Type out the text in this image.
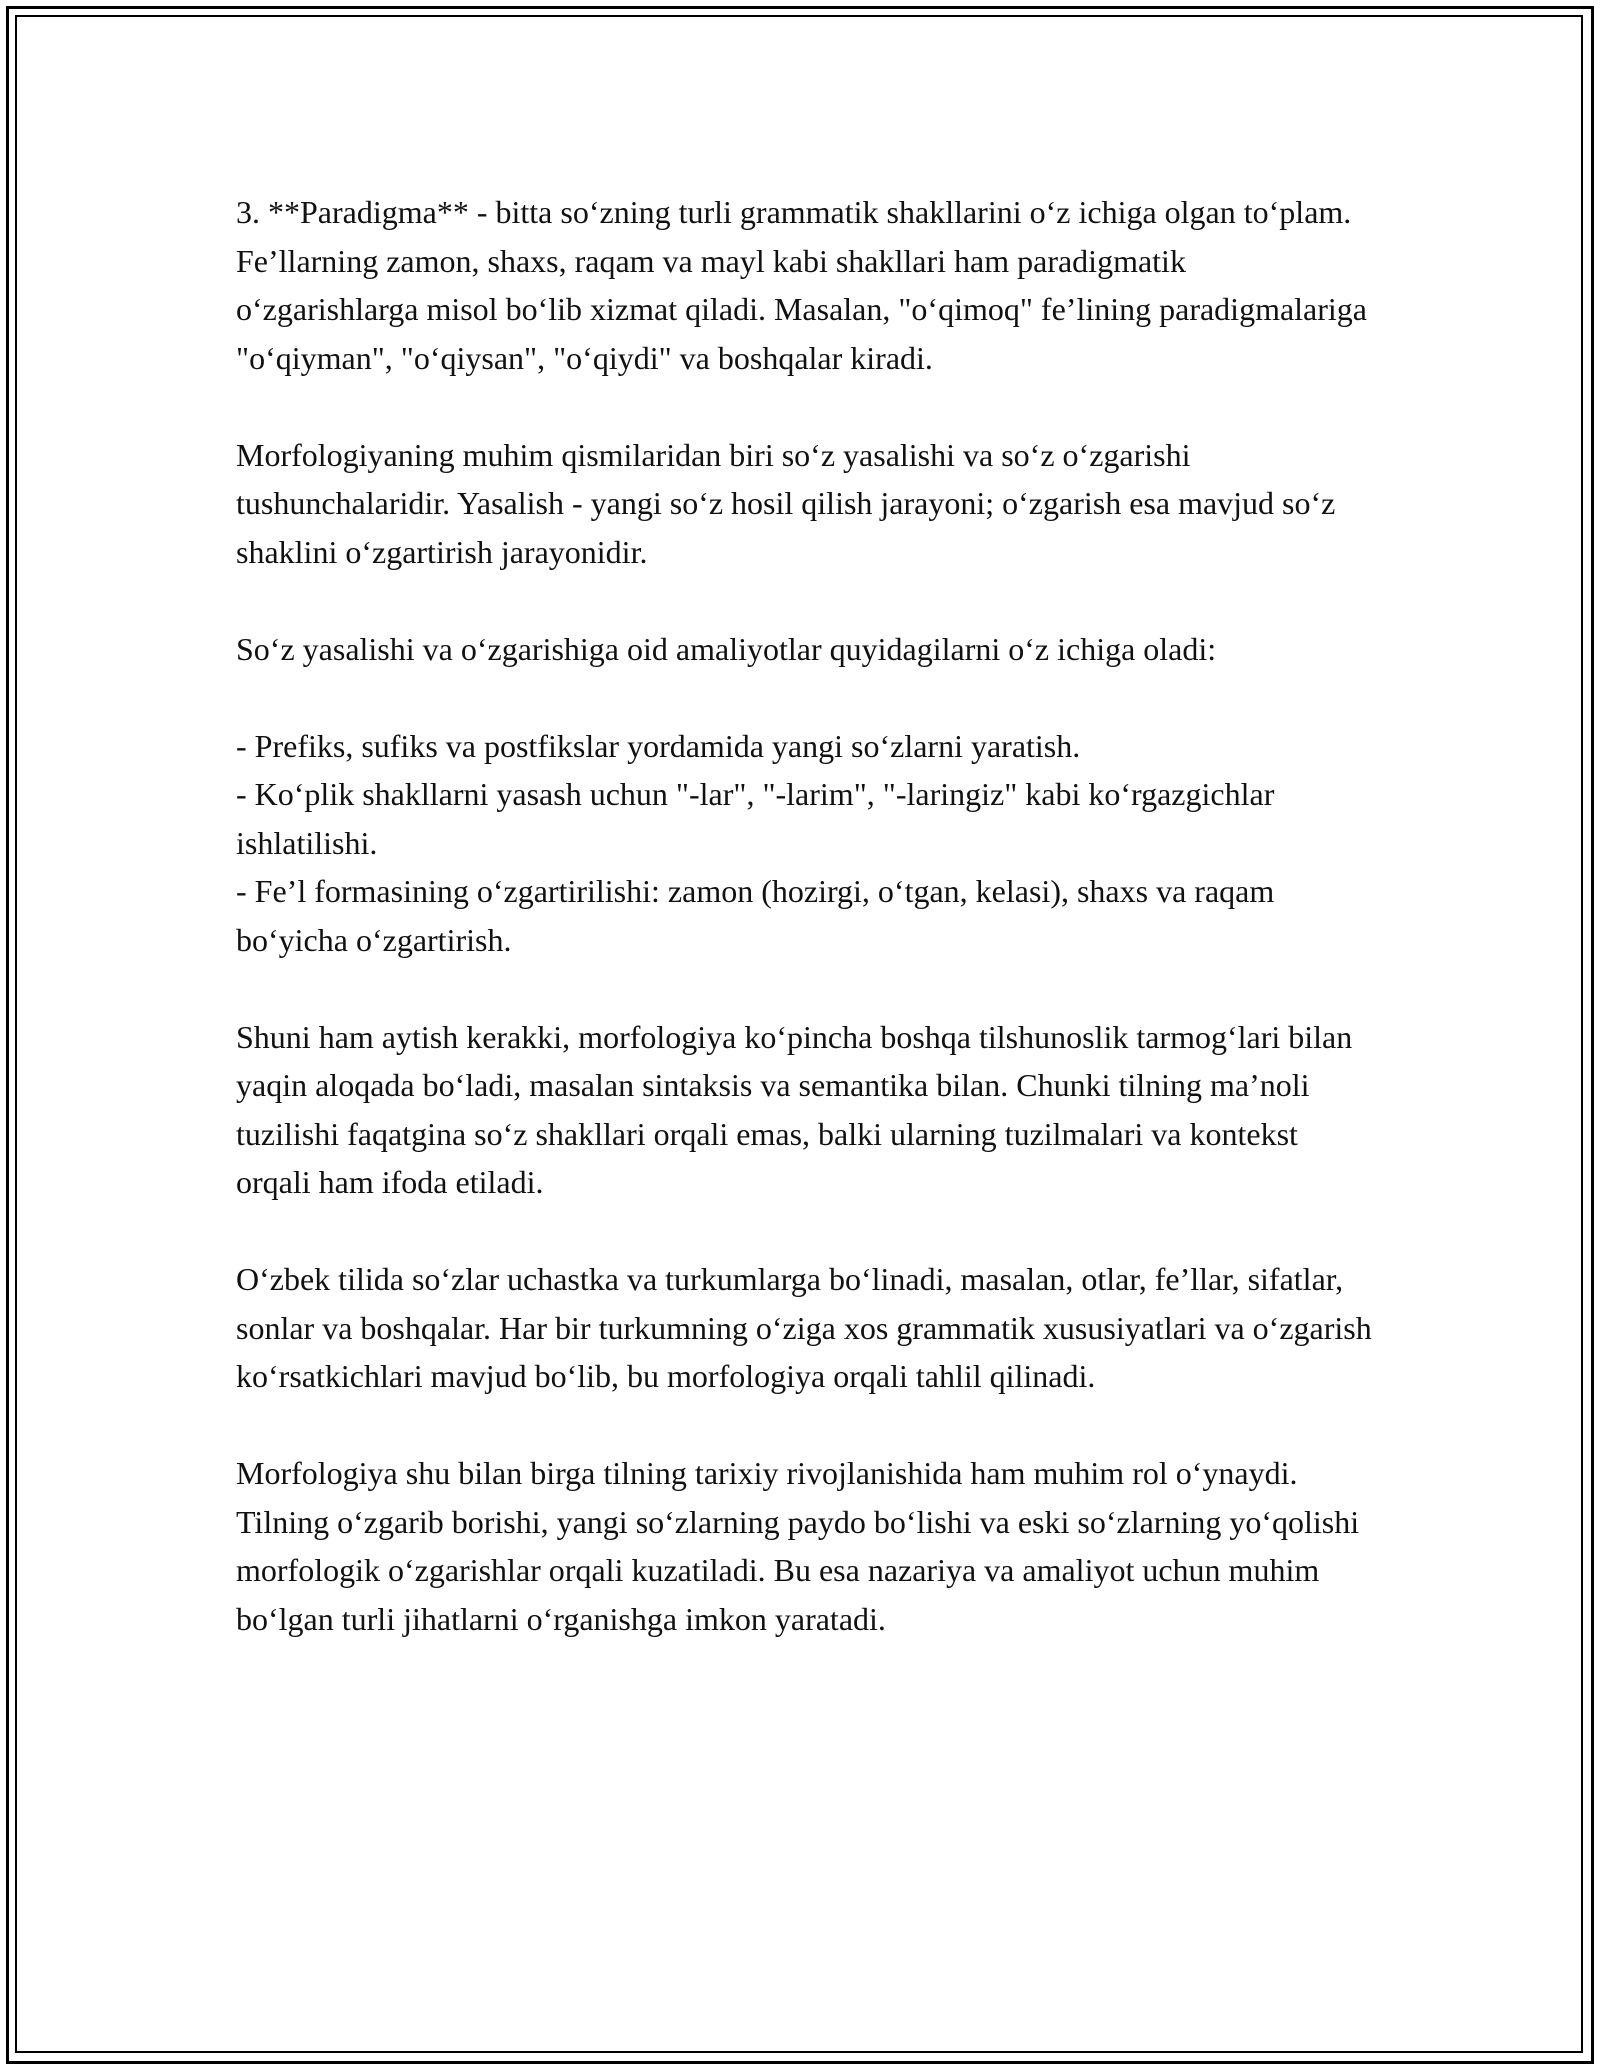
3. **Paradigma** - bitta so‘zning turli grammatik shakllarini o‘z ichiga olgan to‘plam. Fe’llarning zamon, shaxs, raqam va mayl kabi shakllari ham paradigmatik o‘zgarishlarga misol bo‘lib xizmat qiladi. Masalan, "o‘qimoq" fe’lining paradigmalariga "o‘qiyman", "o‘qiysan", "o‘qiydi" va boshqalar kiradi.

Morfologiyaning muhim qismilaridan biri so‘z yasalishi va so‘z o‘zgarishi tushunchalaridir. Yasalish - yangi so‘z hosil qilish jarayoni; o‘zgarish esa mavjud so‘z shaklini o‘zgartirish jarayonidir.

So‘z yasalishi va o‘zgarishiga oid amaliyotlar quyidagilarni o‘z ichiga oladi:

- Prefiks, sufiks va postfikslar yordamida yangi so‘zlarni yaratish.

- Ko‘plik shakllarni yasash uchun "-lar", "-larim", "-laringiz" kabi ko‘rgazgichlar ishlatilishi.

- Fe’l formasining o‘zgartirilishi: zamon (hozirgi, o‘tgan, kelasi), shaxs va raqam bo‘yicha o‘zgartirish.

Shuni ham aytish kerakki, morfologiya ko‘pincha boshqa tilshunoslik tarmog‘lari bilan yaqin aloqada bo‘ladi, masalan sintaksis va semantika bilan. Chunki tilning ma’noli tuzilishi faqatgina so‘z shakllari orqali emas, balki ularning tuzilmalari va kontekst orqali ham ifoda etiladi.

O‘zbek tilida so‘zlar uchastka va turkumlarga bo‘linadi, masalan, otlar, fe’llar, sifatlar, sonlar va boshqalar. Har bir turkumning o‘ziga xos grammatik xususiyatlari va o‘zgarish ko‘rsatkichlari mavjud bo‘lib, bu morfologiya orqali tahlil qilinadi.

Morfologiya shu bilan birga tilning tarixiy rivojlanishida ham muhim rol o‘ynaydi. Tilning o‘zgarib borishi, yangi so‘zlarning paydo bo‘lishi va eski so‘zlarning yo‘qolishi morfologik o‘zgarishlar orqali kuzatiladi. Bu esa nazariya va amaliyot uchun muhim bo‘lgan turli jihatlarni o‘rganishga imkon yaratadi.
